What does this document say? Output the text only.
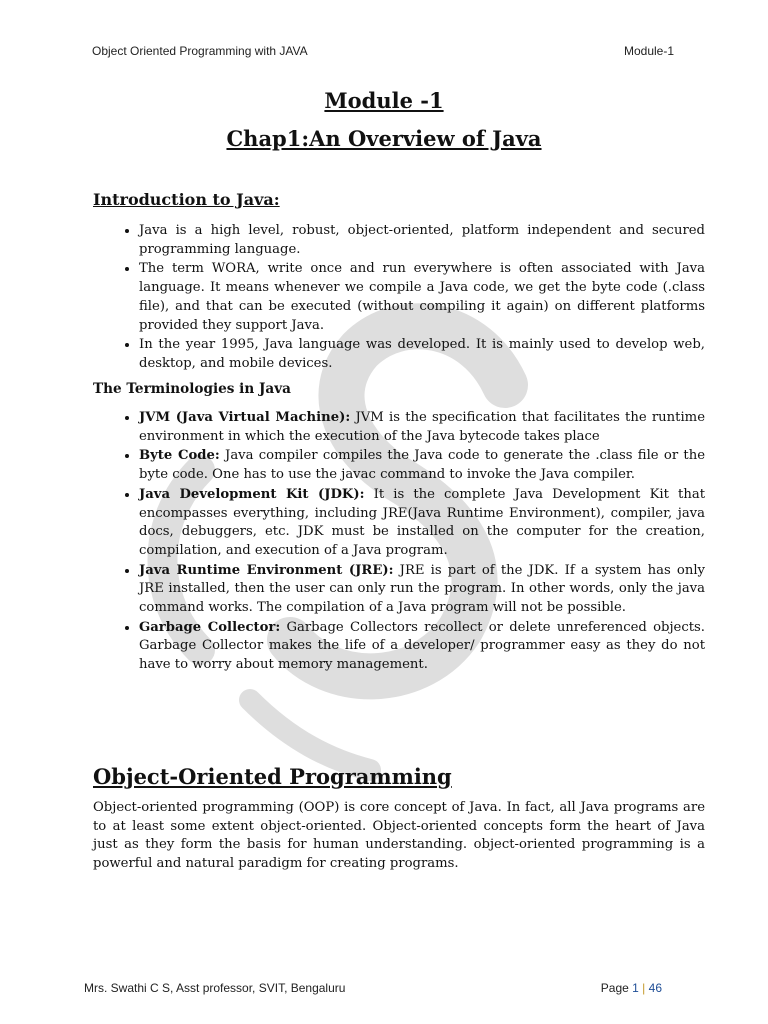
Object Oriented Programming with JAVA	Module-1
Module -1
Chap1:An Overview of Java
Introduction to Java:
• Java is a high level, robust, object-oriented, platform independent and secured programming language.
• The term WORA, write once and run everywhere is often associated with Java language. It means whenever we compile a Java code, we get the byte code (.class file), and that can be executed (without compiling it again) on different platforms provided they support Java.
• In the year 1995, Java language was developed. It is mainly used to develop web, desktop, and mobile devices.

The Terminologies in Java

• JVM (Java Virtual Machine): JVM is the specification that facilitates the runtime environment in which the execution of the Java bytecode takes place
• Byte Code: Java compiler compiles the Java code to generate the .class file or the byte code. One has to use the javac command to invoke the Java compiler.
• Java Development Kit (JDK): It is the complete Java Development Kit that encompasses everything, including JRE(Java Runtime Environment), compiler, java docs, debuggers, etc. JDK must be installed on the computer for the creation, compilation, and execution of a Java program.
• Java Runtime Environment (JRE): JRE is part of the JDK. If a system has only JRE installed, then the user can only run the program. In other words, only the java command works. The compilation of a Java program will not be possible.
• Garbage Collector: Garbage Collectors recollect or delete unreferenced objects. Garbage Collector makes the life of a developer/ programmer easy as they do not have to worry about memory management.
Object-Oriented Programming

Object-oriented programming (OOP) is core concept of Java. In fact, all Java programs are to at least some extent object-oriented. Object-oriented concepts form the heart of Java just as they form the basis for human understanding. object-oriented programming is a powerful and natural paradigm for creating programs.

Mrs. Swathi C S, Asst professor, SVIT, Bengaluru	Page 1 | 46
